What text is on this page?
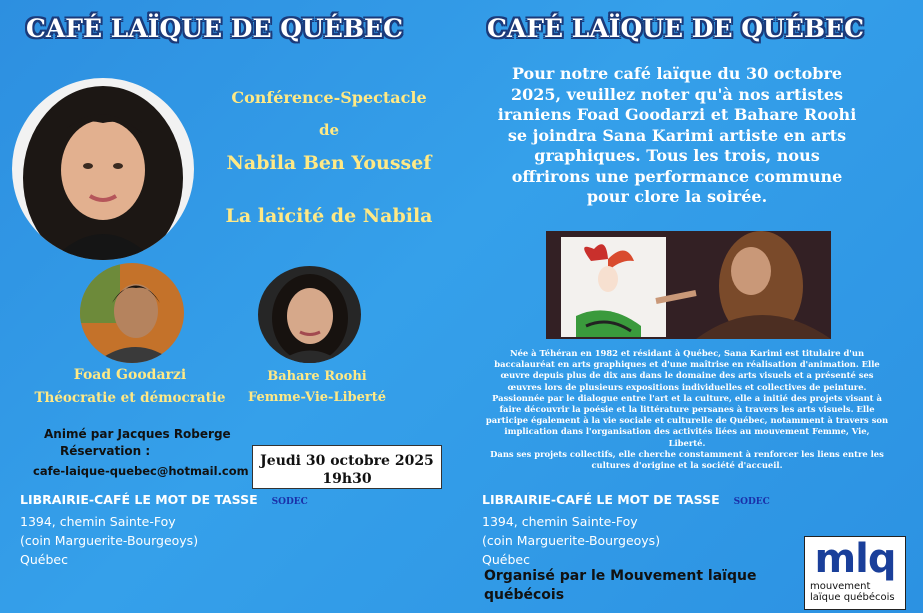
CAFÉ LAÏQUE DE QUÉBEC
Conférence-Spectacle
de
Nabila Ben Youssef
La laïcité de Nabila
Foad Goodarzi
Théocratie et démocratie
Bahare Roohi
Femme-Vie-Liberté
Animé par Jacques Roberge
Réservation :
cafe-laique-quebec@hotmail.com
Jeudi 30 octobre 2025
19h30
LIBRAIRIE-CAFÉ LE MOT DE TASSE SODEC
1394, chemin Sainte-Foy
(coin Marguerite-Bourgeoys)
Québec
CAFÉ LAÏQUE DE QUÉBEC
Pour notre café laïque du 30 octobre
2025, veuillez noter qu'à nos artistes
iraniens Foad Goodarzi et Bahare Roohi
se joindra Sana Karimi artiste en arts
graphiques. Tous les trois, nous
offrirons une performance commune
pour clore la soirée.
Née à Téhéran en 1982 et résidant à Québec, Sana Karimi est titulaire d'un
baccalauréat en arts graphiques et d'une maîtrise en réalisation d'animation. Elle
œuvre depuis plus de dix ans dans le domaine des arts visuels et a présenté ses
œuvres lors de plusieurs expositions individuelles et collectives de peinture.
Passionnée par le dialogue entre l'art et la culture, elle a initié des projets visant à
faire découvrir la poésie et la littérature persanes à travers les arts visuels. Elle
participe également à la vie sociale et culturelle de Québec, notamment à travers son
implication dans l'organisation des activités liées au mouvement Femme, Vie,
Liberté.
Dans ses projets collectifs, elle cherche constamment à renforcer les liens entre les
cultures d'origine et la société d'accueil.
LIBRAIRIE-CAFÉ LE MOT DE TASSE SODEC
1394, chemin Sainte-Foy
(coin Marguerite-Bourgeoys)
Québec
Organisé par le Mouvement laïque
québécois
mlq
mouvement
laïque québécois
